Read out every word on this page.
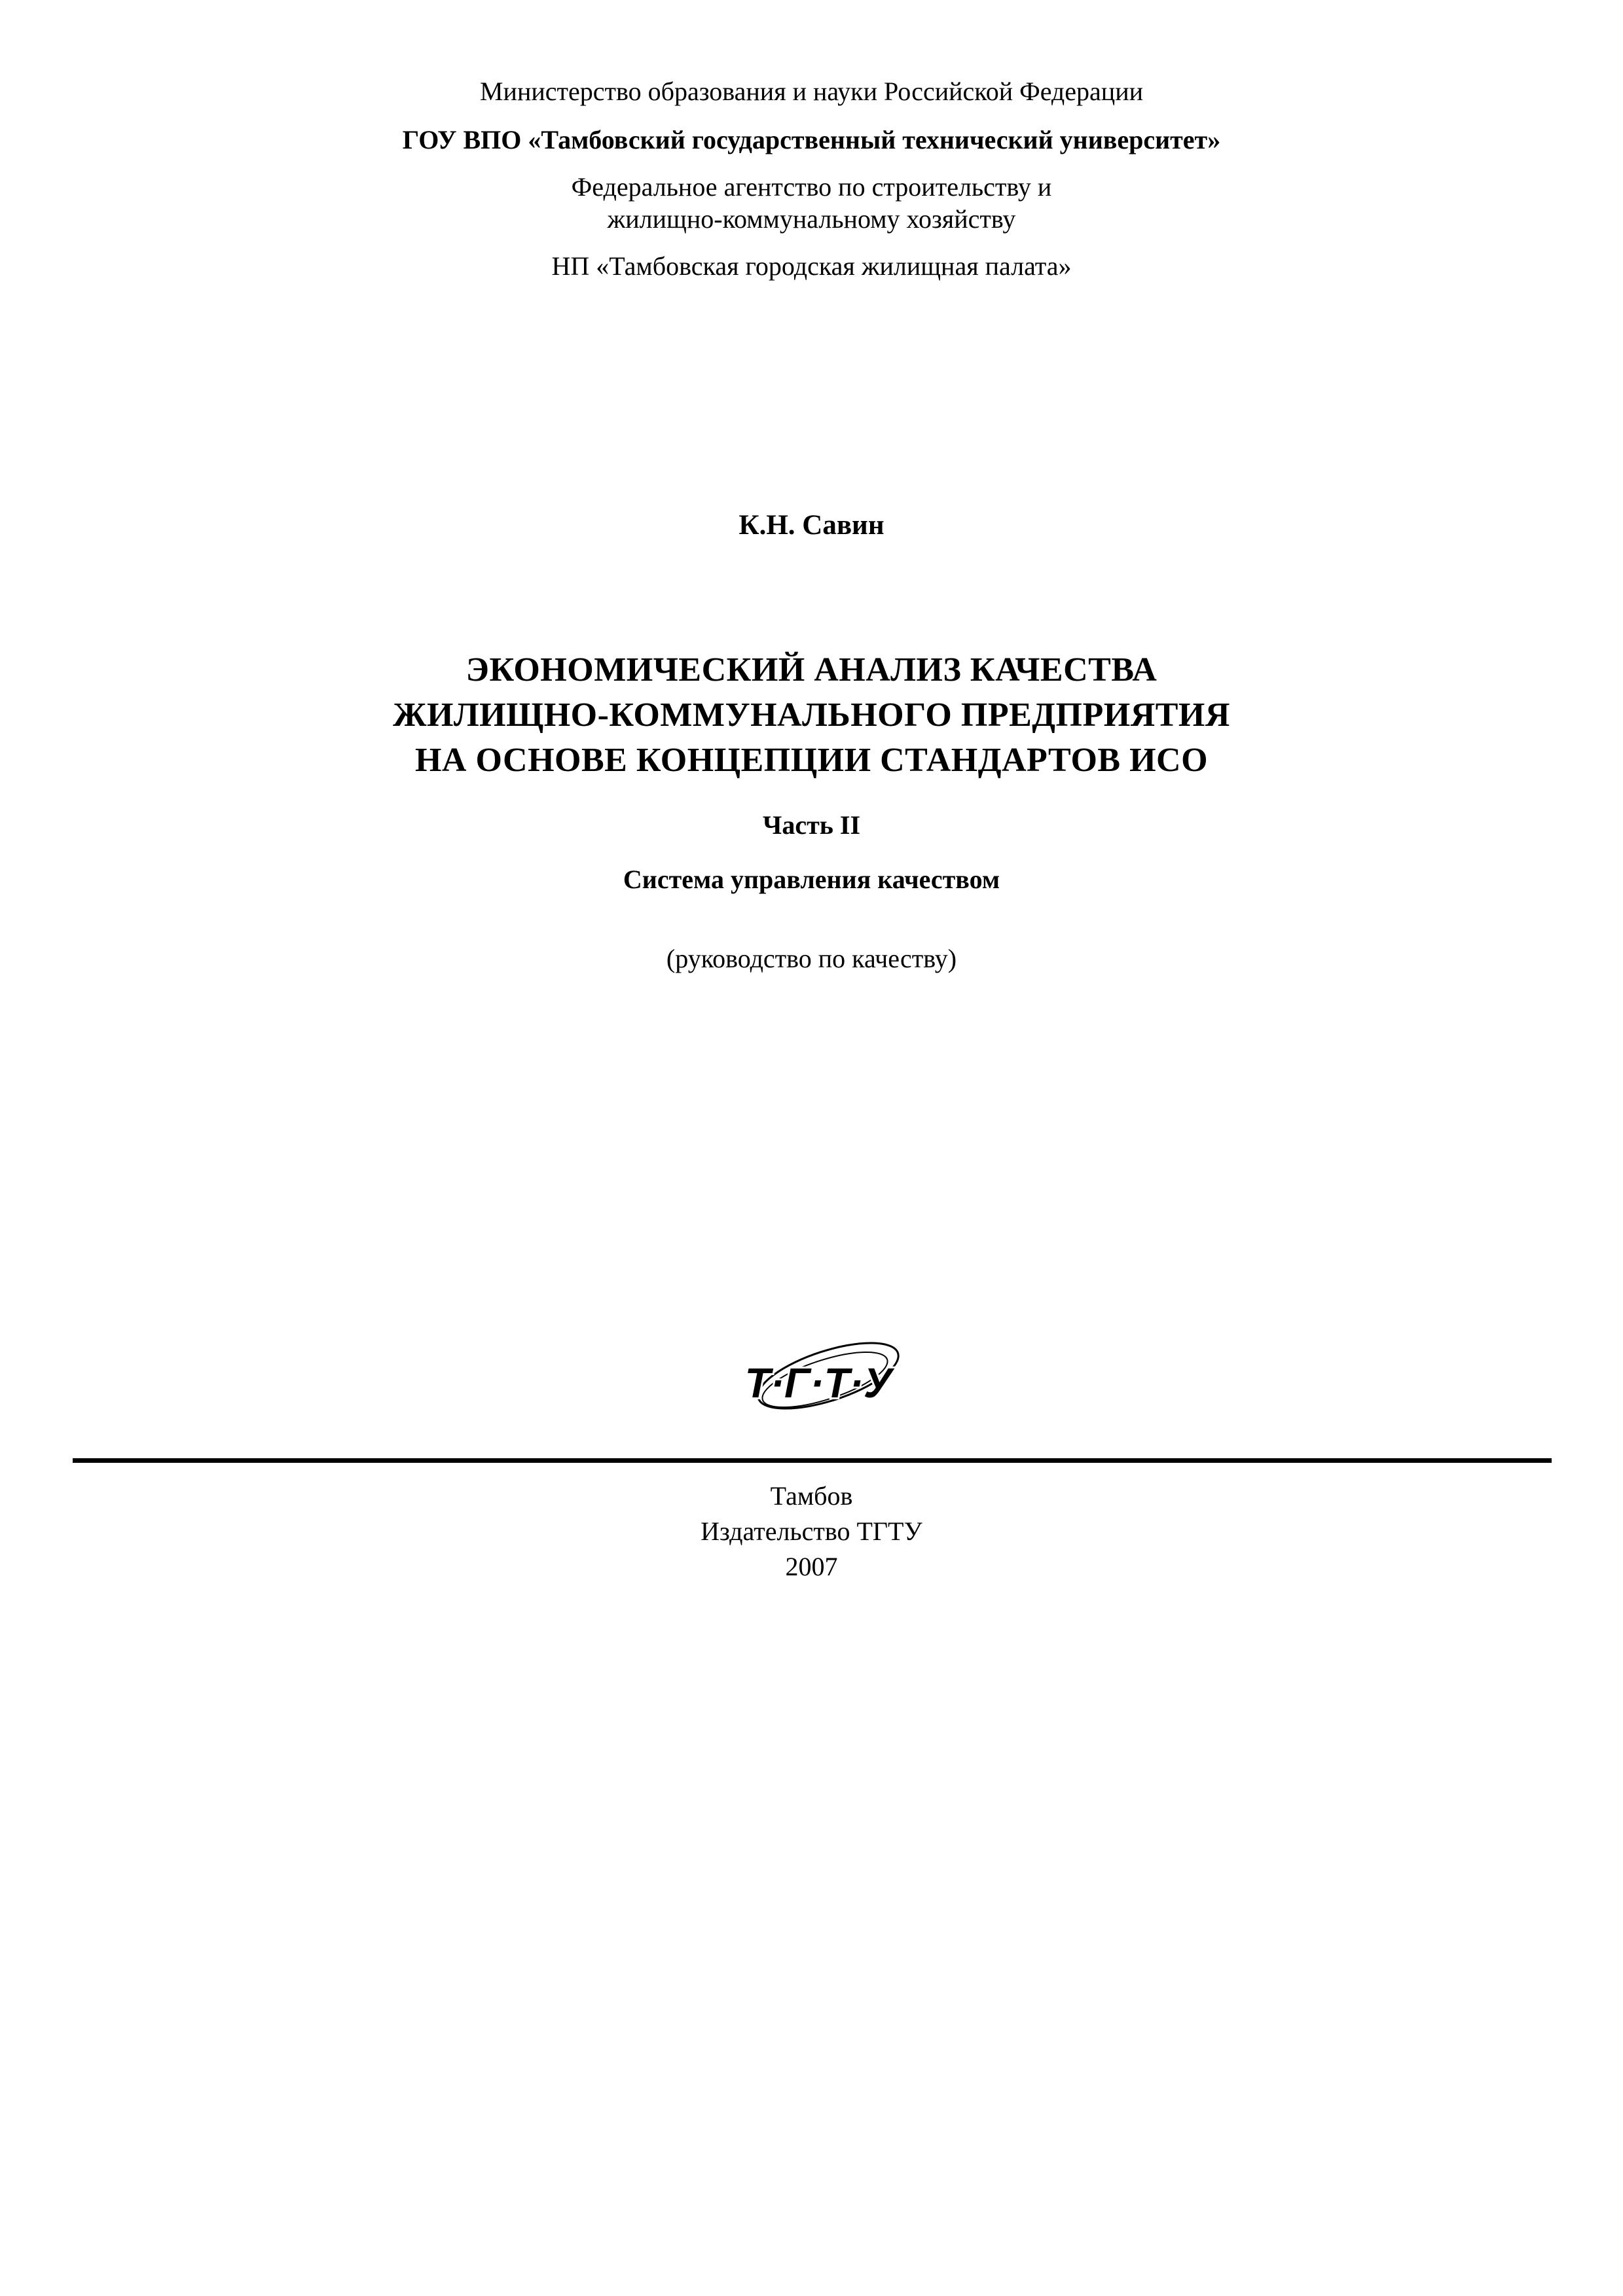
Министерство образования и науки Российской Федерации
ГОУ ВПО «Тамбовский государственный технический университет»
Федеральное агентство по строительству и
жилищно-коммунальному хозяйству
НП «Тамбовская городская жилищная палата»
К.Н. Савин
ЭКОНОМИЧЕСКИЙ АНАЛИЗ КАЧЕСТВА
ЖИЛИЩНО-КОММУНАЛЬНОГО ПРЕДПРИЯТИЯ
НА ОСНОВЕ КОНЦЕПЦИИ СТАНДАРТОВ ИСО
Часть II
Система управления качеством
(руководство по качеству)
Т·Г·Т·У
Тамбов
Издательство ТГТУ
2007
